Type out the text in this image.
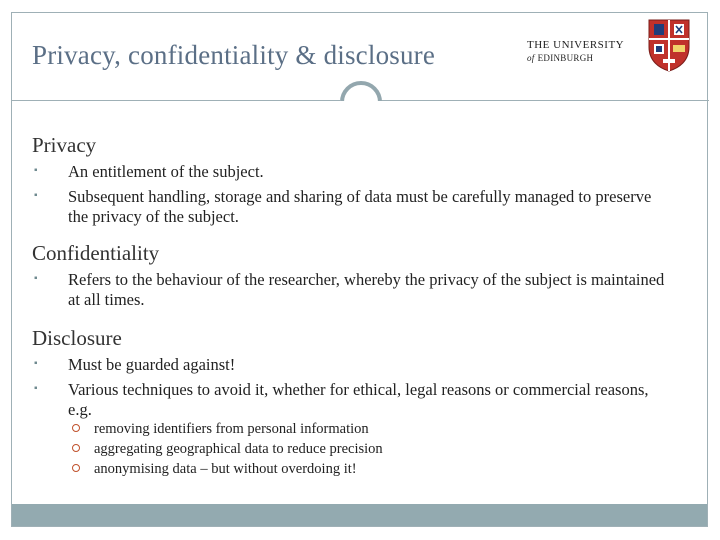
Privacy, confidentiality & disclosure	THE UNIVERSITY
of EDINBURGH
Privacy
▪ An entitlement of the subject.
▪ Subsequent handling, storage and sharing of data must be carefully managed to preserve the privacy of the subject.
Confidentiality
▪ Refers to the behaviour of the researcher, whereby the privacy of the subject is maintained at all times.
Disclosure
▪ Must be guarded against!
▪ Various techniques to avoid it, whether for ethical, legal reasons or commercial reasons, e.g.
removing identifiers from personal information
aggregating geographical data to reduce precision
anonymising data – but without overdoing it!
